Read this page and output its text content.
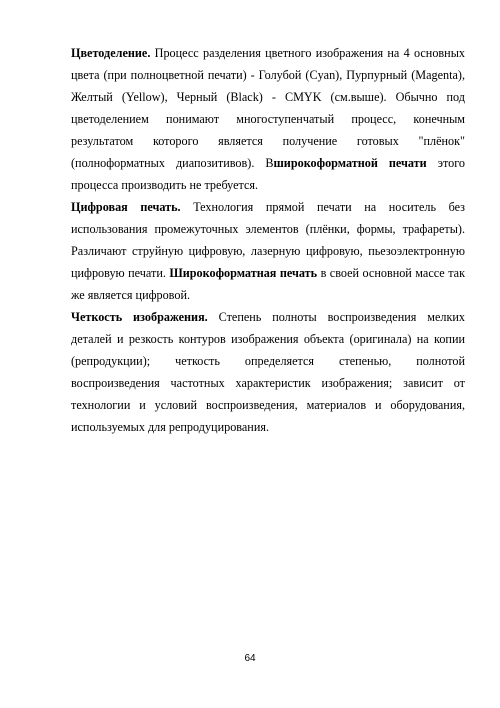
Цветоделение. Процесс разделения цветного изображения на 4 основных цвета (при полноцветной печати) - Голубой (Cyan), Пурпурный (Magenta), Желтый (Yellow), Черный (Black) - CMYK (см.выше). Обычно под цветоделением понимают многоступенчатый процесс, конечным результатом которого является получение готовых "плёнок" (полноформатных диапозитивов). Вширокоформатной печати этого процесса производить не требуется.

Цифровая печать. Технология прямой печати на носитель без использования промежуточных элементов (плёнки, формы, трафареты). Различают струйную цифровую, лазерную цифровую, пьезоэлектронную цифровую печати. Широкоформатная печать в своей основной массе так же является цифровой.

Четкость изображения. Степень полноты воспроизведения мелких деталей и резкость контуров изображения объекта (оригинала) на копии (репродукции); четкость определяется степенью, полнотой воспроизведения частотных характеристик изображения; зависит от технологии и условий воспроизведения, материалов и оборудования, используемых для репродуцирования.

64
